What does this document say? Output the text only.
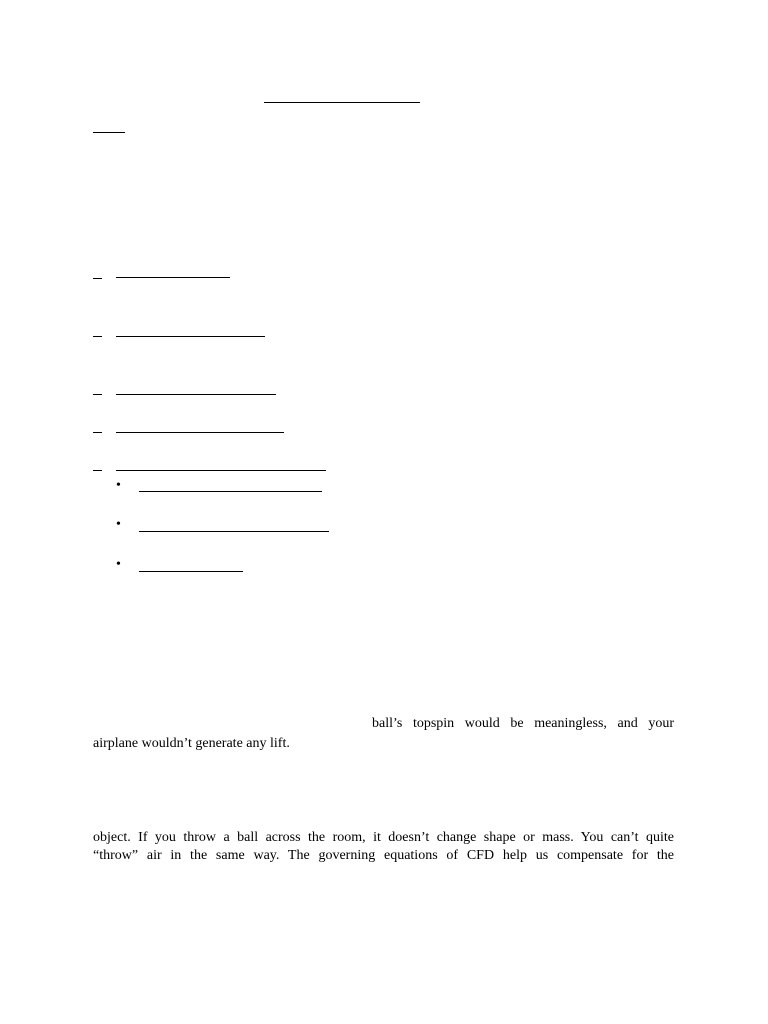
•
•
•

ball’s topspin would be meaningless, and your

airplane wouldn’t generate any lift.

object. If you throw a ball across the room, it doesn’t change shape or mass. You can’t quite

“throw” air in the same way. The governing equations of CFD help us compensate for the
